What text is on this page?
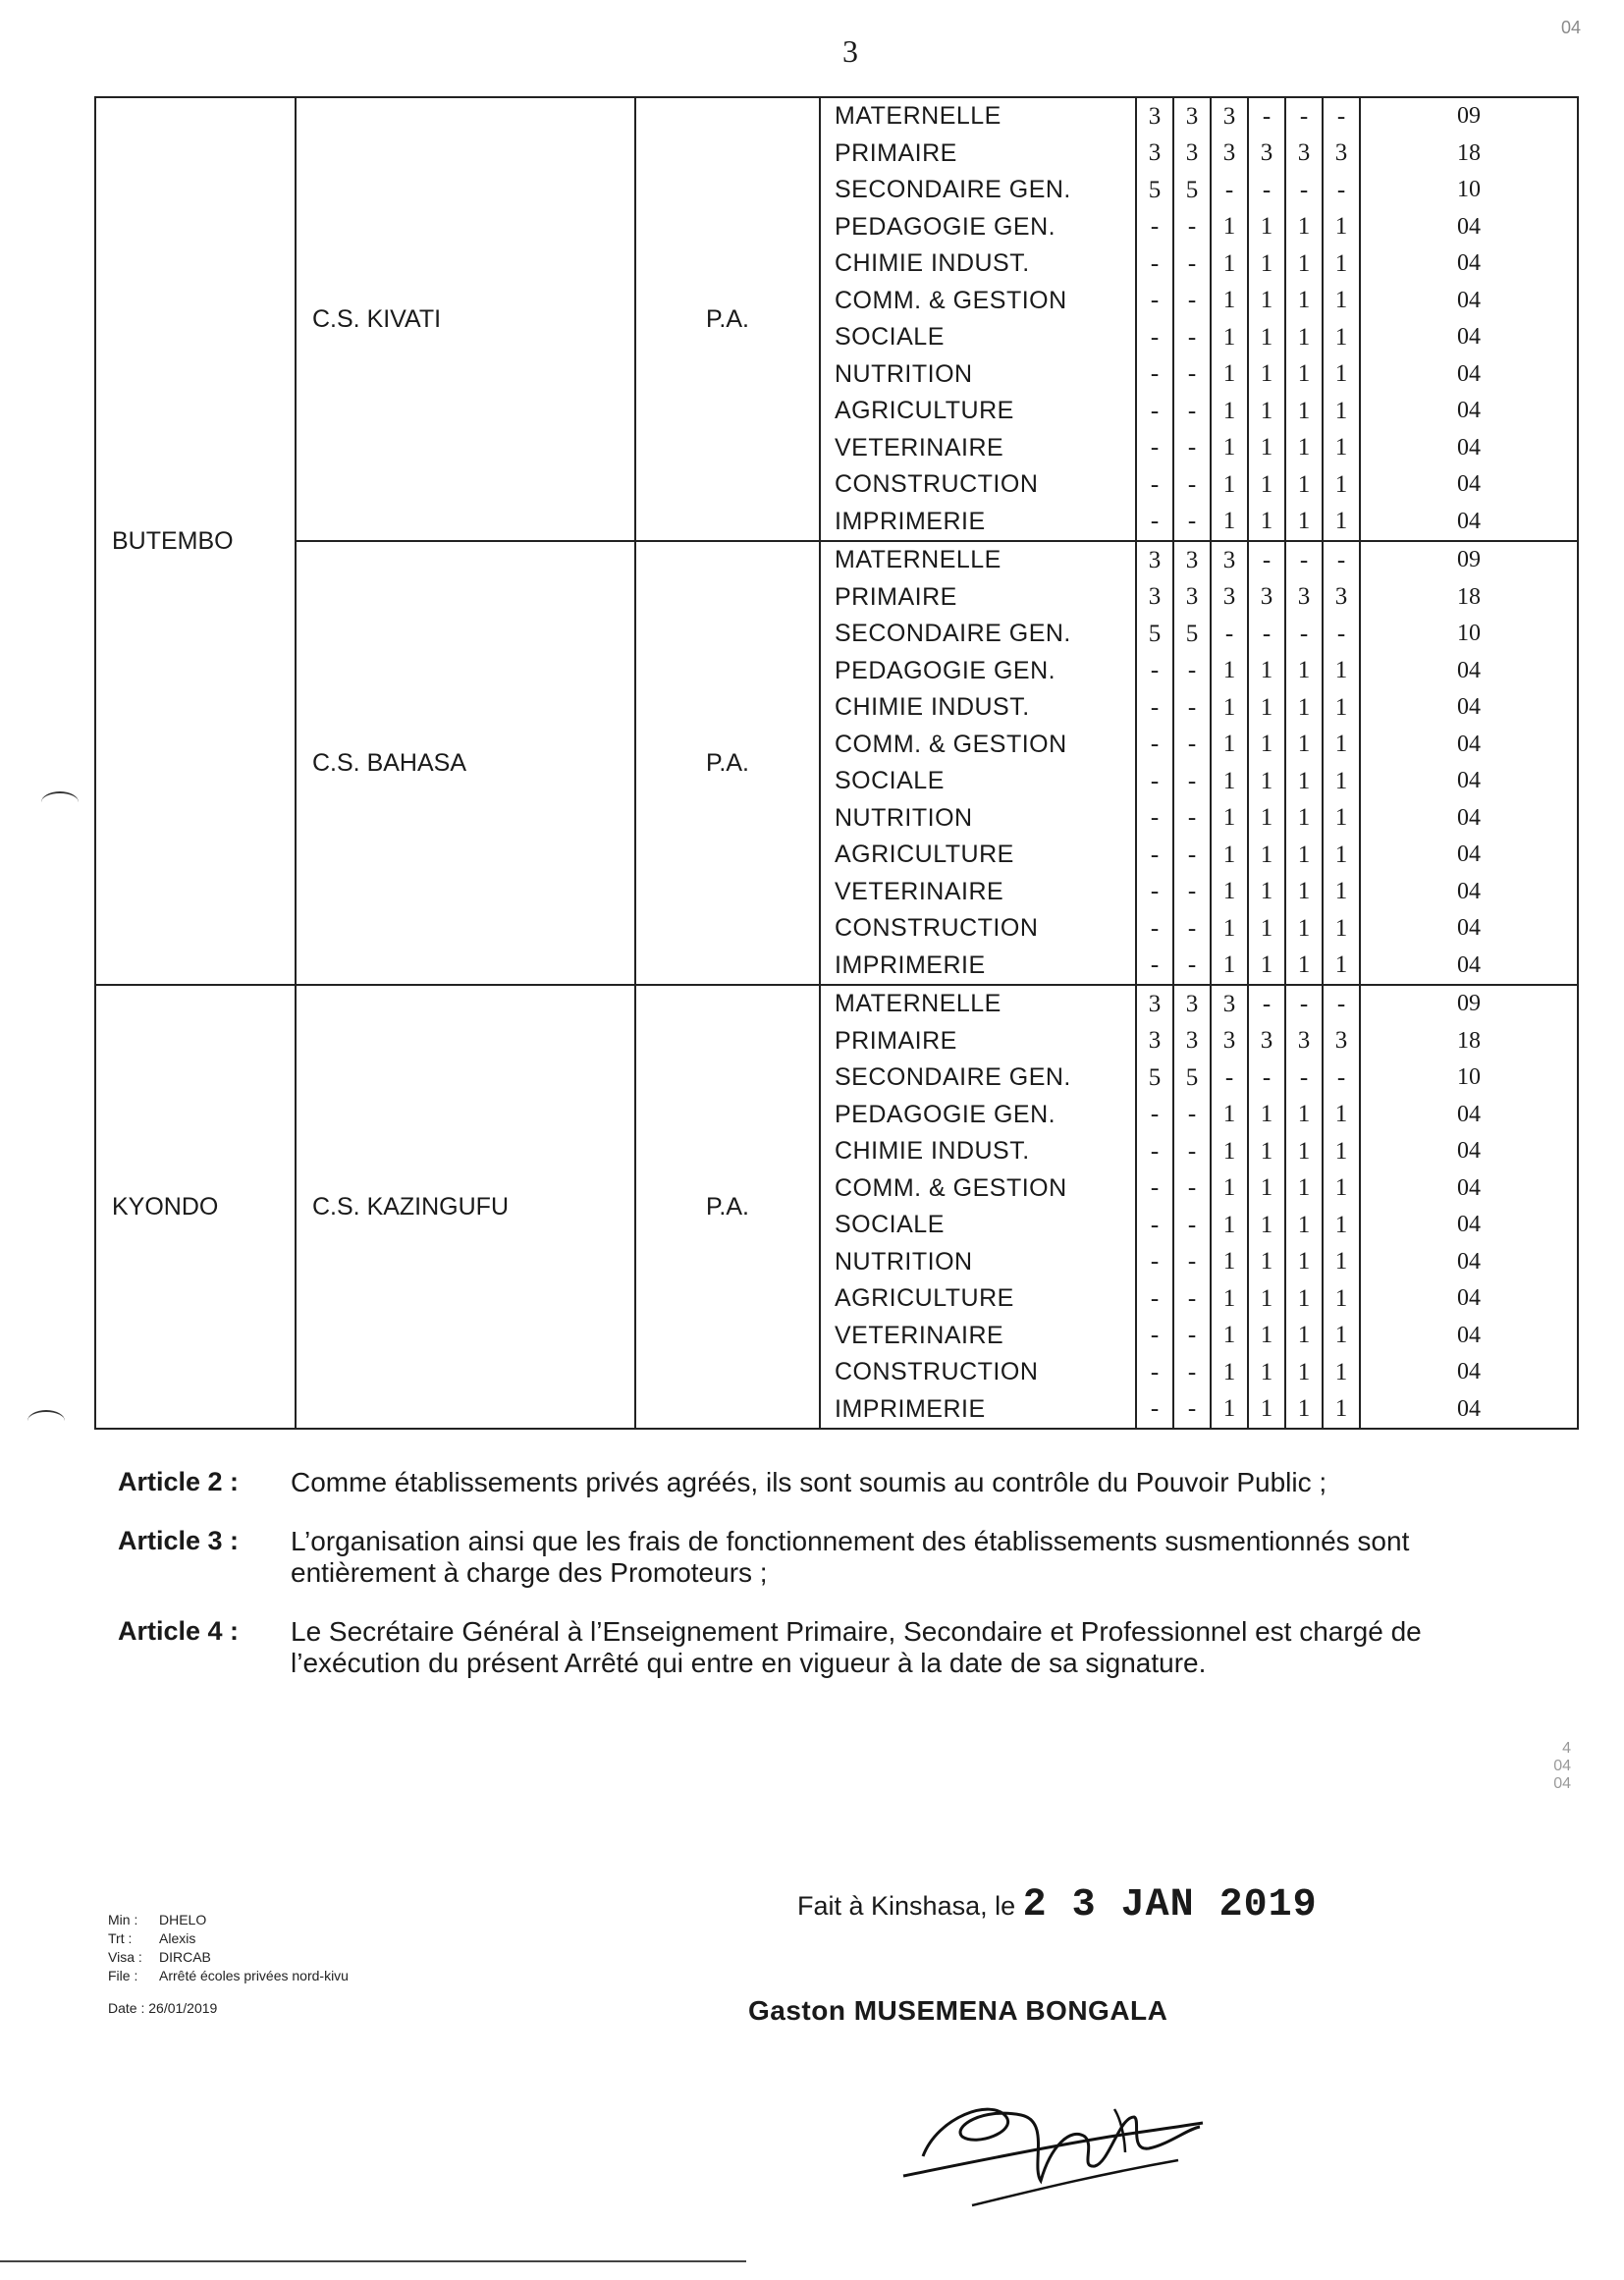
3
04
4
04
04
BUTEMBO
C.S. KIVATI	P.A.
MATERNELLE	3	3	3	-	-	-	09
PRIMAIRE	3	3	3	3	3	3	18
SECONDAIRE GEN.	5	5	-	-	-	-	10
PEDAGOGIE GEN.	-	-	1	1	1	1	04
CHIMIE INDUST.	-	-	1	1	1	1	04
COMM. & GESTION	-	-	1	1	1	1	04
SOCIALE	-	-	1	1	1	1	04
NUTRITION	-	-	1	1	1	1	04
AGRICULTURE	-	-	1	1	1	1	04
VETERINAIRE	-	-	1	1	1	1	04
CONSTRUCTION	-	-	1	1	1	1	04
IMPRIMERIE	-	-	1	1	1	1	04
C.S. BAHASA	P.A.
MATERNELLE	3	3	3	-	-	-	09
PRIMAIRE	3	3	3	3	3	3	18
SECONDAIRE GEN.	5	5	-	-	-	-	10
PEDAGOGIE GEN.	-	-	1	1	1	1	04
CHIMIE INDUST.	-	-	1	1	1	1	04
COMM. & GESTION	-	-	1	1	1	1	04
SOCIALE	-	-	1	1	1	1	04
NUTRITION	-	-	1	1	1	1	04
AGRICULTURE	-	-	1	1	1	1	04
VETERINAIRE	-	-	1	1	1	1	04
CONSTRUCTION	-	-	1	1	1	1	04
IMPRIMERIE	-	-	1	1	1	1	04
KYONDO	C.S. KAZINGUFU	P.A.
MATERNELLE	3	3	3	-	-	-	09
PRIMAIRE	3	3	3	3	3	3	18
SECONDAIRE GEN.	5	5	-	-	-	-	10
PEDAGOGIE GEN.	-	-	1	1	1	1	04
CHIMIE INDUST.	-	-	1	1	1	1	04
COMM. & GESTION	-	-	1	1	1	1	04
SOCIALE	-	-	1	1	1	1	04
NUTRITION	-	-	1	1	1	1	04
AGRICULTURE	-	-	1	1	1	1	04
VETERINAIRE	-	-	1	1	1	1	04
CONSTRUCTION	-	-	1	1	1	1	04
IMPRIMERIE	-	-	1	1	1	1	04
Article 2 :	Comme établissements privés agréés, ils sont soumis au contrôle du Pouvoir Public ;
Article 3 :	L’organisation ainsi que les frais de fonctionnement des établissements susmentionnés sont entièrement à charge des Promoteurs ;
Article 4 :	Le Secrétaire Général à l’Enseignement Primaire, Secondaire et Professionnel est chargé de l’exécution du présent Arrêté qui entre en vigueur à la date de sa signature.
Min :	DHELO
Trt :	Alexis
Visa :	DIRCAB
File :	Arrêté écoles privées nord-kivu
Date : 26/01/2019
Fait à Kinshasa, le 2 3 JAN 2019
Gaston MUSEMENA BONGALA
